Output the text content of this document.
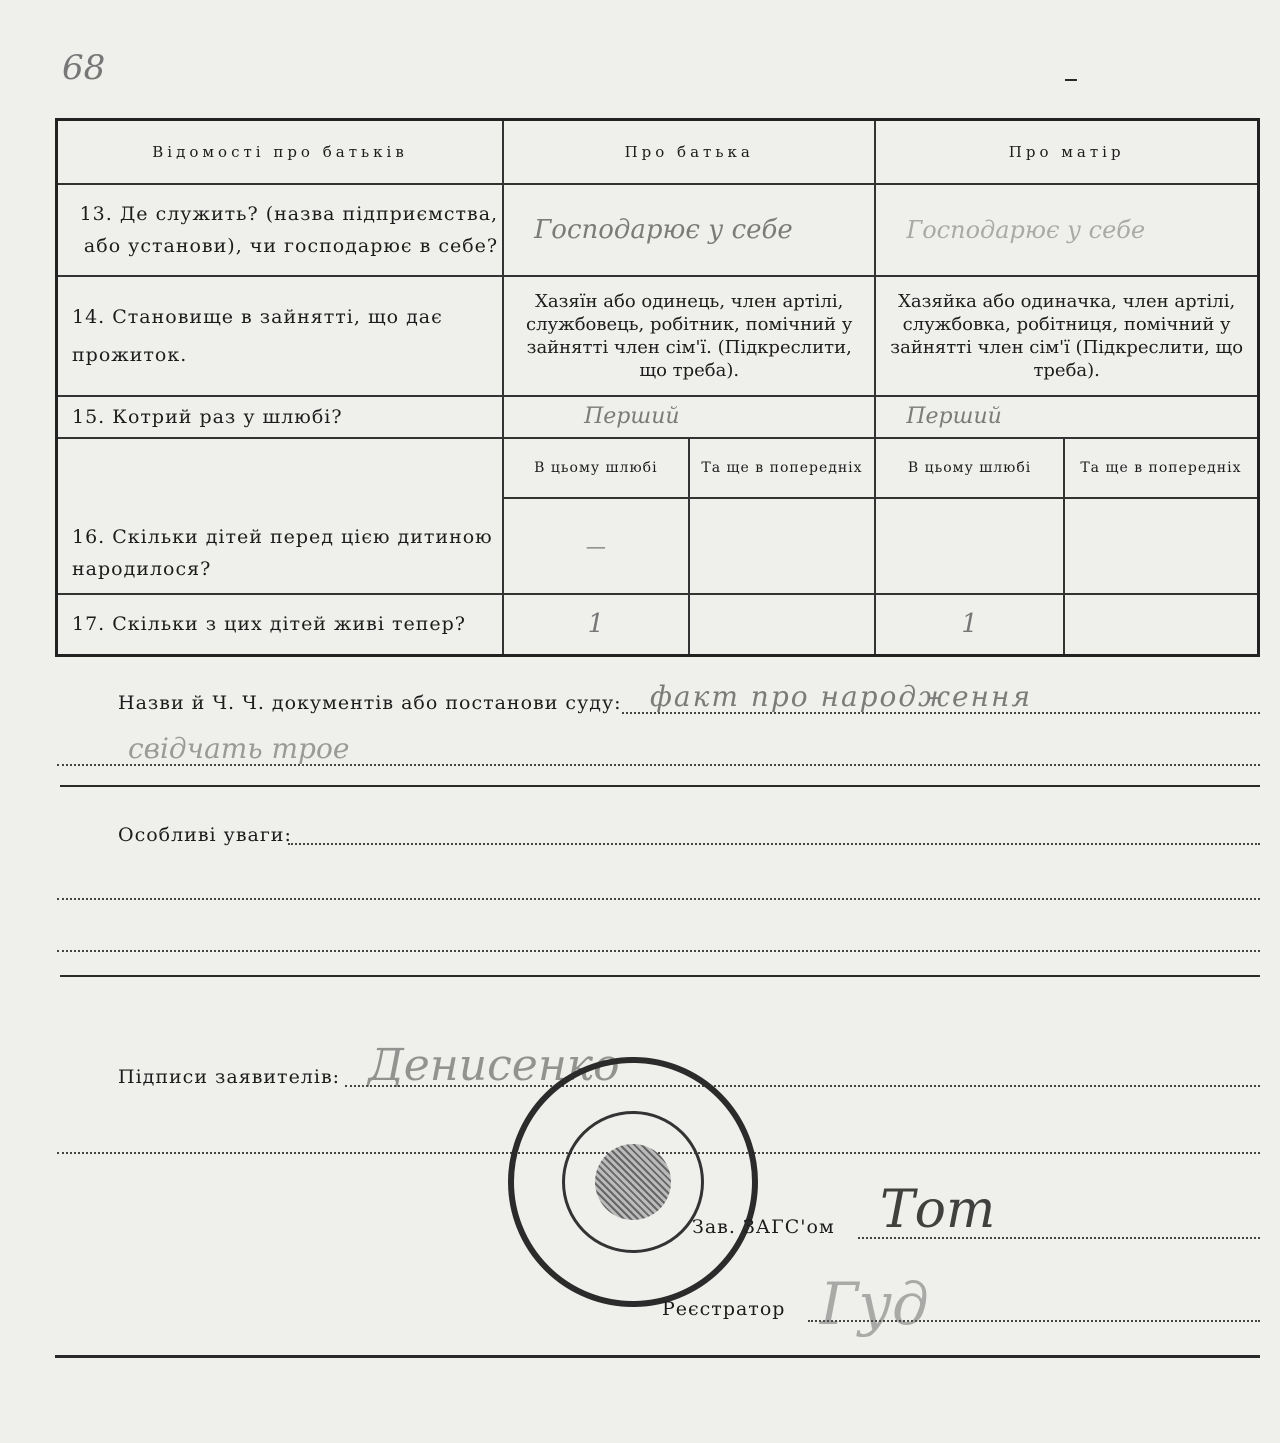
68
Відомості про батьків	Про батька		Про матір	
13. Де служить? (назва підприємства, або установи), чи господарює в себе?	Господарює у себе		Господарює у себе	

14. Становище в зайнятті, що дає прожиток.	Хазяїн або одинець, член артілі, службовець, робітник, помічний у зайнятті член сім'ї. (Підкреслити, що треба).		Хазяйка або одиначка, член артілі, службовка, робітниця, помічний у зайнятті член сім'ї (Підкреслити, що треба).	
15. Котрий раз у шлюбі?	Перший		Перший	

16. Скільки дітей перед цією дитиною народилося?	В цьому шлюбі	Та ще в попередніх	В цьому шлюбі	Та ще в попередніх
	—			
17. Скільки з цих дітей живі тепер?	1		1	
Назви й Ч. Ч. документів або постанови суду: факт про народження
свідчать трое
Особливі уваги:
Підписи заявителів: Денисенко
Зав. ЗАГС'ом Тот
Реєстратор Гуд
